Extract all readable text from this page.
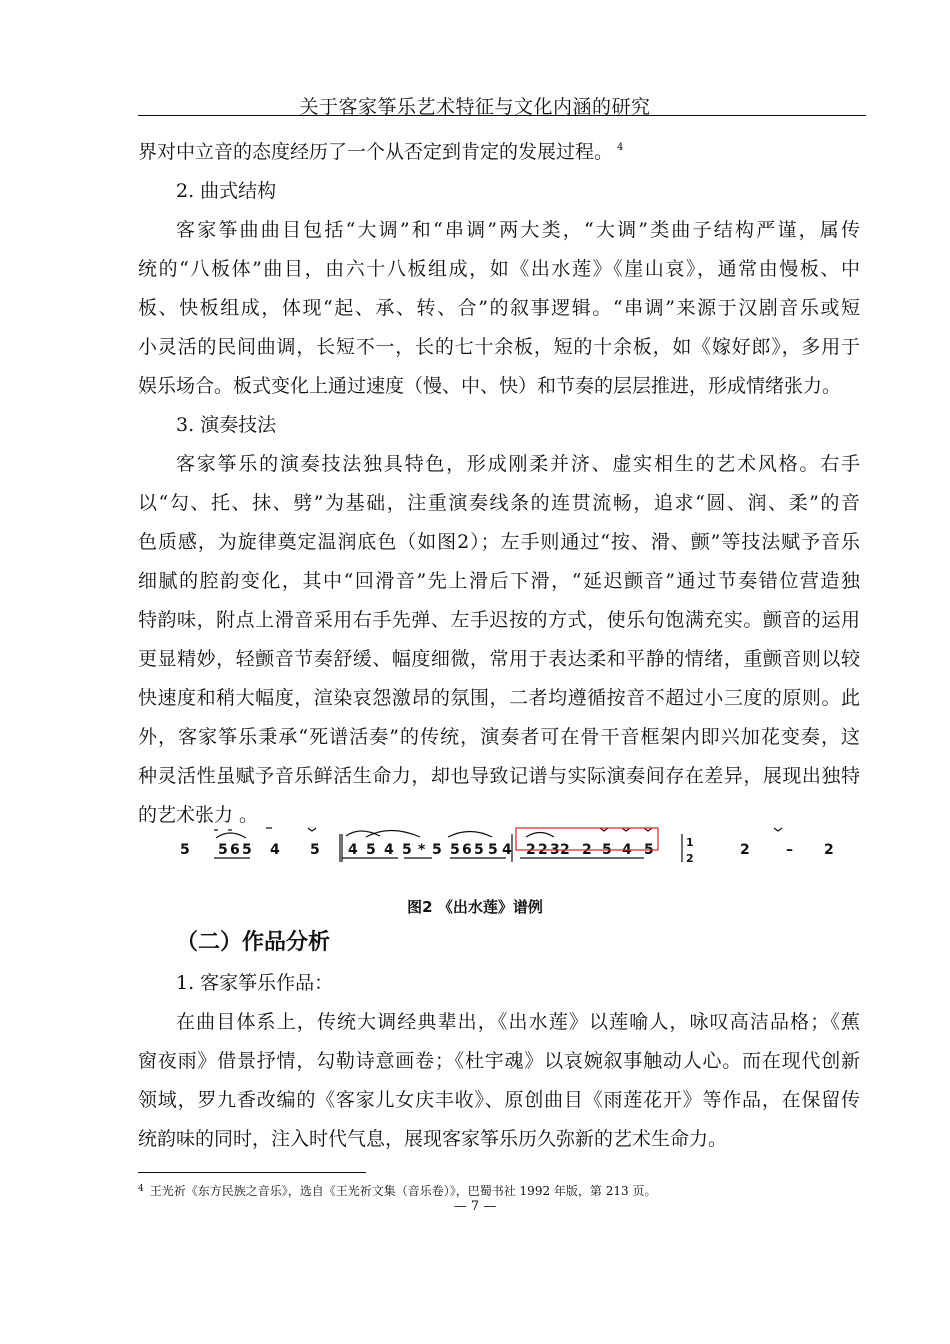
关于客家筝乐艺术特征与文化内涵的研究
界对中立音的态度经历了一个从否定到肯定的发展过程。 $^4$
2. 曲式结构
客家筝曲曲目包括“大调”和“串调”两大类，“大调”类曲子结构严谨，属传
统的“八板体”曲目，由六十八板组成，如《出水莲》《崖山哀》，通常由慢板、中
板、快板组成，体现“起、承、转、合”的叙事逻辑。“串调”来源于汉剧音乐或短
小灵活的民间曲调，长短不一，长的七十余板，短的十余板，如《嫁好郎》，多用于
娱乐场合。板式变化上通过速度（慢、中、快）和节奏的层层推进，形成情绪张力。
3. 演奏技法
客家筝乐的演奏技法独具特色，形成刚柔并济、虚实相生的艺术风格。右手
以“勾、托、抹、劈”为基础，注重演奏线条的连贯流畅，追求“圆、润、柔”的音
色质感，为旋律奠定温润底色（如图2）；左手则通过“按、滑、颤”等技法赋予音乐
细腻的腔韵变化，其中“回滑音”先上滑后下滑，“延迟颤音”通过节奏错位营造独
特韵味，附点上滑音采用右手先弹、左手迟按的方式，使乐句饱满充实。颤音的运用
更显精妙，轻颤音节奏舒缓、幅度细微，常用于表达柔和平静的情绪，重颤音则以较
快速度和稍大幅度，渲染哀怨激昂的氛围，二者均遵循按音不超过小三度的原则。此
外，客家筝乐秉承“死谱活奏”的传统，演奏者可在骨干音框架内即兴加花变奏，这
种灵活性虽赋予音乐鲜活生命力，却也导致记谱与实际演奏间存在差异，展现出独特
的艺术张力 。
5 5 6 5 4 5 4 5 4 5 * 5 5 6 5 5 4 2 2 3 2 2 5 4 5	1
2
2	– 2
图2 《出水莲》谱例
（二）作品分析
1. 客家筝乐作品：
在曲目体系上，传统大调经典辈出，《出水莲》以莲喻人，咏叹高洁品格；《蕉
窗夜雨》借景抒情，勾勒诗意画卷；《杜宇魂》以哀婉叙事触动人心。而在现代创新
领域，罗九香改编的《客家儿女庆丰收》、原创曲目《雨莲花开》等作品，在保留传
统韵味的同时，注入时代气息，展现客家筝乐历久弥新的艺术生命力。
$^4$ 王光祈《东方民族之音乐》，选自《王光祈文集（音乐卷）》，巴蜀书社 1992 年版，第 213 页。
— 7 —
